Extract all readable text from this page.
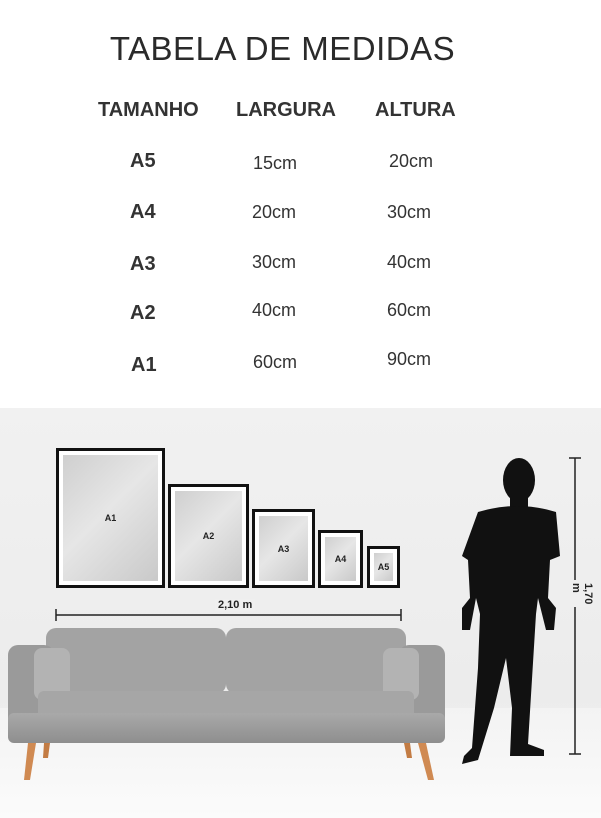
TABELA DE MEDIDAS
TAMANHO LARGURA ALTURA
A5	15cm	20cm
A4	20cm	30cm
A3	30cm	40cm
A2	40cm	60cm
A1	60cm	90cm
A1
A2
A3
A4
A5
2,10 m
1,70 m
